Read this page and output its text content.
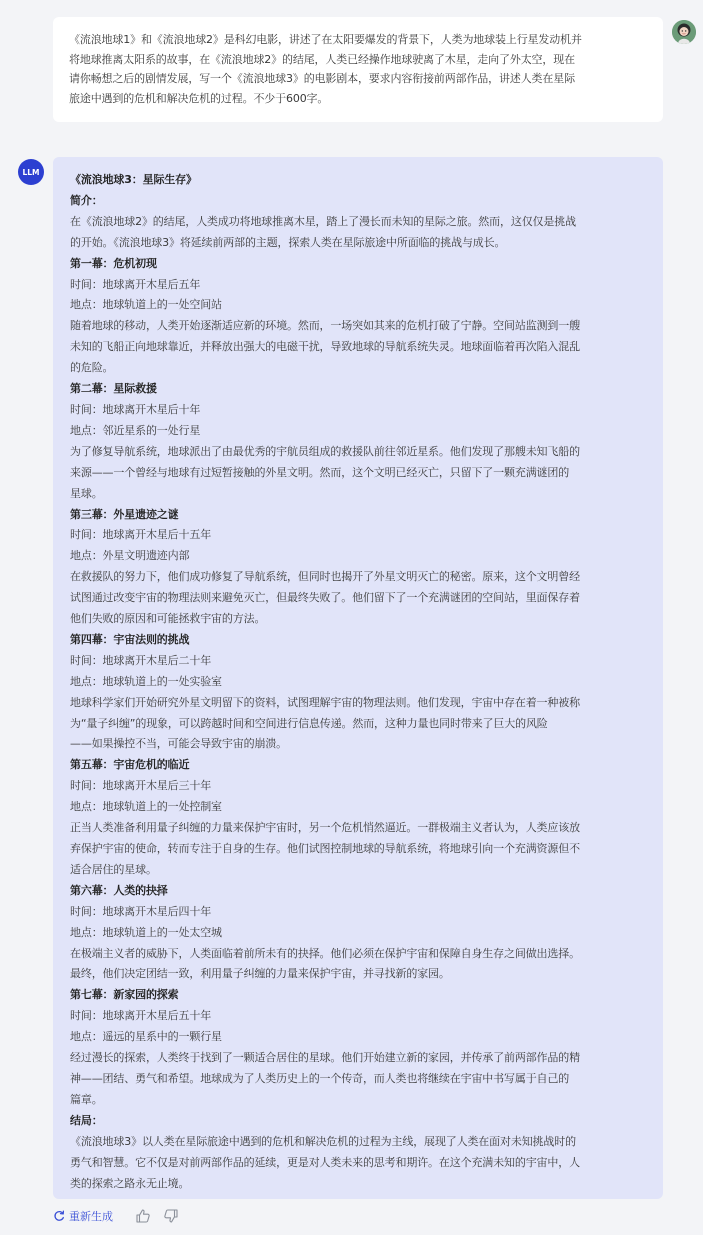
《流浪地球1》和《流浪地球2》是科幻电影，讲述了在太阳要爆发的背景下，人类为地球装上行星发动机并
将地球推离太阳系的故事，在《流浪地球2》的结尾，人类已经操作地球驶离了木星，走向了外太空，现在
请你畅想之后的剧情发展，写一个《流浪地球3》的电影剧本，要求内容衔接前两部作品，讲述人类在星际
旅途中遇到的危机和解决危机的过程。不少于600字。
LLM
《流浪地球3：星际生存》
简介：
在《流浪地球2》的结尾，人类成功将地球推离木星，踏上了漫长而未知的星际之旅。然而，这仅仅是挑战
的开始。《流浪地球3》将延续前两部的主题，探索人类在星际旅途中所面临的挑战与成长。
第一幕：危机初现
时间：地球离开木星后五年
地点：地球轨道上的一处空间站
随着地球的移动，人类开始逐渐适应新的环境。然而，一场突如其来的危机打破了宁静。空间站监测到一艘
未知的飞船正向地球靠近，并释放出强大的电磁干扰，导致地球的导航系统失灵。地球面临着再次陷入混乱
的危险。
第二幕：星际救援
时间：地球离开木星后十年
地点：邻近星系的一处行星
为了修复导航系统，地球派出了由最优秀的宇航员组成的救援队前往邻近星系。他们发现了那艘未知飞船的
来源——一个曾经与地球有过短暂接触的外星文明。然而，这个文明已经灭亡，只留下了一颗充满谜团的
星球。
第三幕：外星遗迹之谜
时间：地球离开木星后十五年
地点：外星文明遗迹内部
在救援队的努力下，他们成功修复了导航系统，但同时也揭开了外星文明灭亡的秘密。原来，这个文明曾经
试图通过改变宇宙的物理法则来避免灭亡，但最终失败了。他们留下了一个充满谜团的空间站，里面保存着
他们失败的原因和可能拯救宇宙的方法。
第四幕：宇宙法则的挑战
时间：地球离开木星后二十年
地点：地球轨道上的一处实验室
地球科学家们开始研究外星文明留下的资料，试图理解宇宙的物理法则。他们发现，宇宙中存在着一种被称
为“量子纠缠”的现象，可以跨越时间和空间进行信息传递。然而，这种力量也同时带来了巨大的风险
——如果操控不当，可能会导致宇宙的崩溃。
第五幕：宇宙危机的临近
时间：地球离开木星后三十年
地点：地球轨道上的一处控制室
正当人类准备利用量子纠缠的力量来保护宇宙时，另一个危机悄然逼近。一群极端主义者认为，人类应该放
弃保护宇宙的使命，转而专注于自身的生存。他们试图控制地球的导航系统，将地球引向一个充满资源但不
适合居住的星球。
第六幕：人类的抉择
时间：地球离开木星后四十年
地点：地球轨道上的一处太空城
在极端主义者的威胁下，人类面临着前所未有的抉择。他们必须在保护宇宙和保障自身生存之间做出选择。
最终，他们决定团结一致，利用量子纠缠的力量来保护宇宙，并寻找新的家园。
第七幕：新家园的探索
时间：地球离开木星后五十年
地点：遥远的星系中的一颗行星
经过漫长的探索，人类终于找到了一颗适合居住的星球。他们开始建立新的家园，并传承了前两部作品的精
神——团结、勇气和希望。地球成为了人类历史上的一个传奇，而人类也将继续在宇宙中书写属于自己的
篇章。
结局：
《流浪地球3》以人类在星际旅途中遇到的危机和解决危机的过程为主线，展现了人类在面对未知挑战时的
勇气和智慧。它不仅是对前两部作品的延续，更是对人类未来的思考和期许。在这个充满未知的宇宙中，人
类的探索之路永无止境。
重新生成
